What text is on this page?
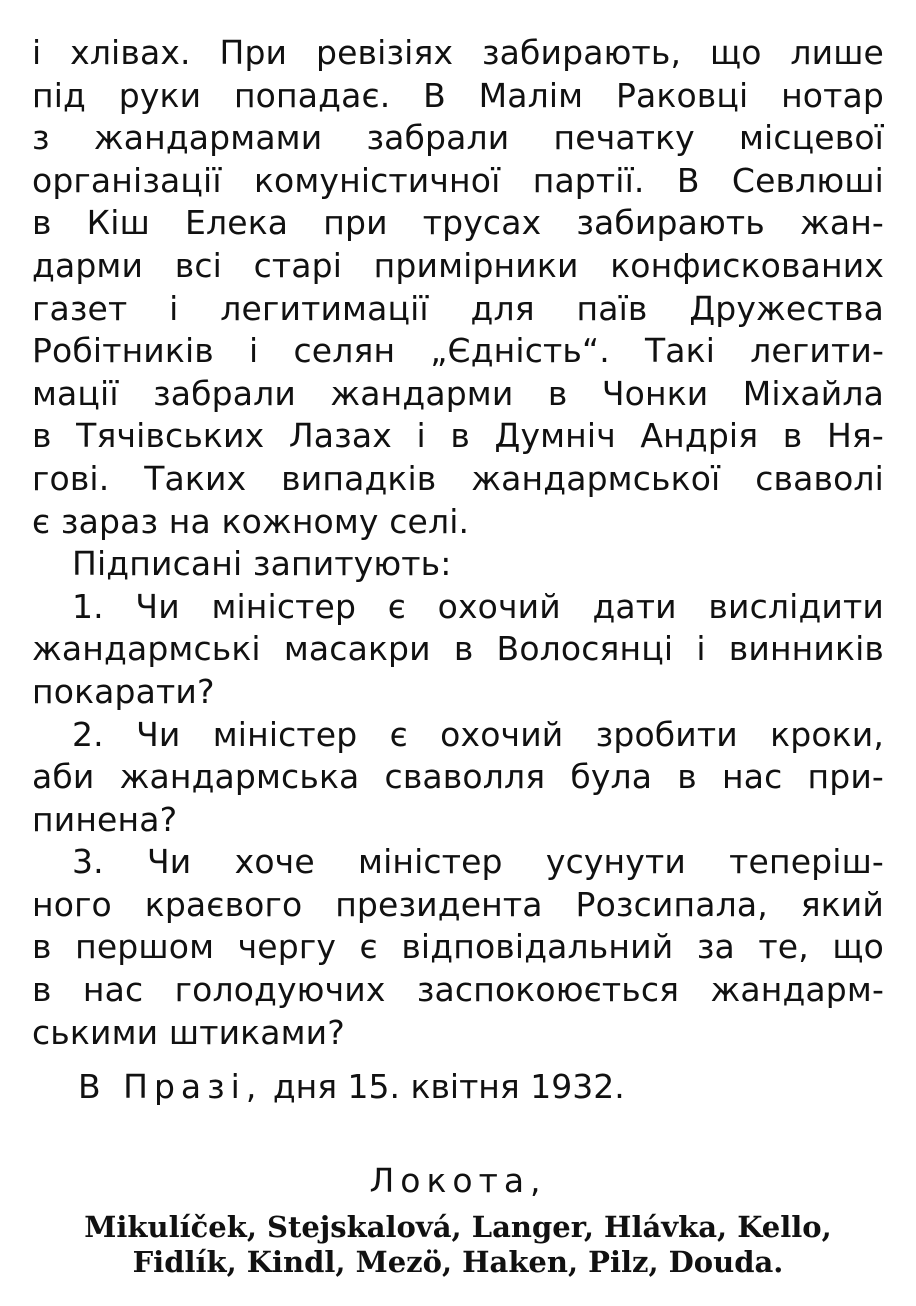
і хлівах. При ревізіях забирають, що лише
під руки попадає. В Малім Раковці нотар
з жандармами забрали печатку місцевої
організації комуністичної партії. В Севлюші
в Кіш Елека при трусах забирають жан-
дарми всі старі примірники конфискованих
газет і легитимації для паїв Дружества
Робітників і селян „Єдність“. Такі легити-
мації забрали жандарми в Чонки Міхайла
в Тячівських Лазах і в Думніч Андрія в Ня-
гові. Таких випадків жандармської сваволі
є зараз на кожному селі.
Підписані запитують:
1. Чи міністер є охочий дати вислідити
жандармські масакри в Волосянці і винників
покарати?
2. Чи міністер є охочий зробити кроки,
аби жандармська сваволля була в нас при-
пинена?
3. Чи хоче міністер усунути теперіш-
ного краєвого президента Розсипала, який
в першом чергу є відповідальний за те, що
в нас голодуючих заспокоюється жандарм-
ськими штиками?
В Празі, дня 15. квітня 1932.
Локота,
Mikulíček, Stejskalová, Langer, Hlávka, Kello,
Fidlík, Kindl, Mezö, Haken, Pilz, Douda.
